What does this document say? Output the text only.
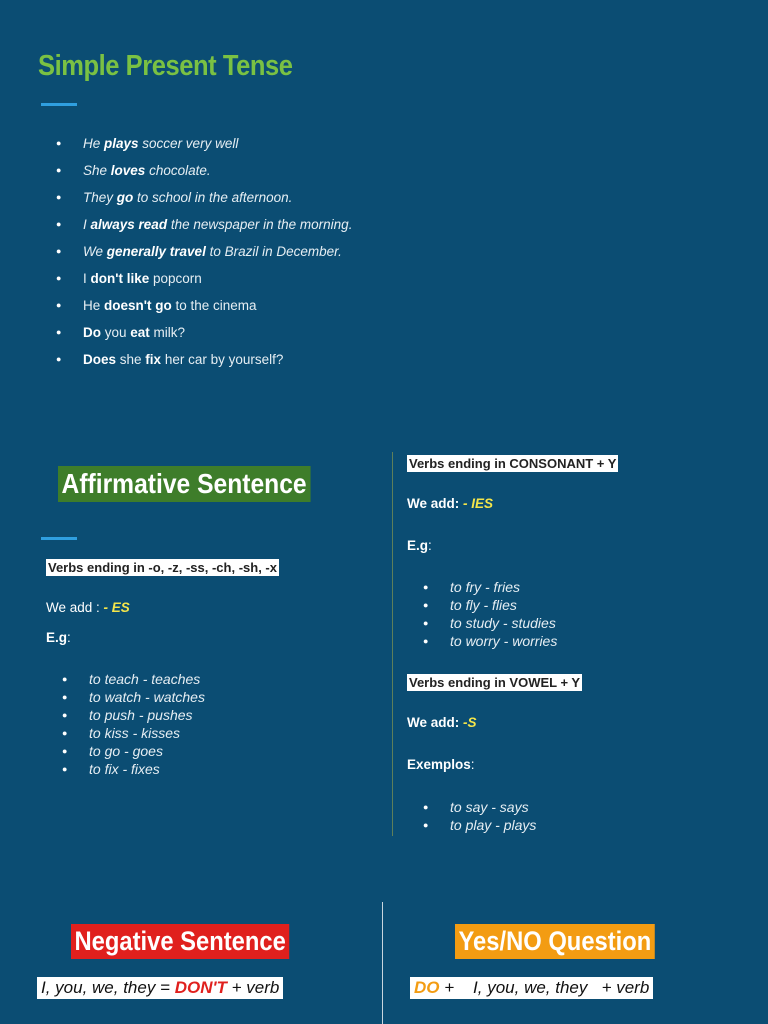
Simple Present Tense
● He plays soccer very well
● She loves chocolate.
● They go to school in the afternoon.
● I always read the newspaper in the morning.
● We generally travel to Brazil in December.
● I don't like popcorn
● He doesn't go to the cinema
● Do you eat milk?
● Does she fix her car by yourself?
Affirmative Sentence
Verbs ending in -o, -z, -ss, -ch, -sh, -x
We add : - ES
E.g:
● to teach - teaches
● to watch - watches
● to push - pushes
● to kiss - kisses
● to go - goes
● to fix - fixes
Verbs ending in CONSONANT + Y
We add: - IES
E.g:
● to fry - fries
● to fly - flies
● to study - studies
● to worry - worries
Verbs ending in VOWEL + Y
We add: -S
Exemplos:
● to say - says
● to play - plays
Negative Sentence
I, you, we, they = DON'T + verb
Yes/NO Question
DO +    I, you, we, they   + verb
